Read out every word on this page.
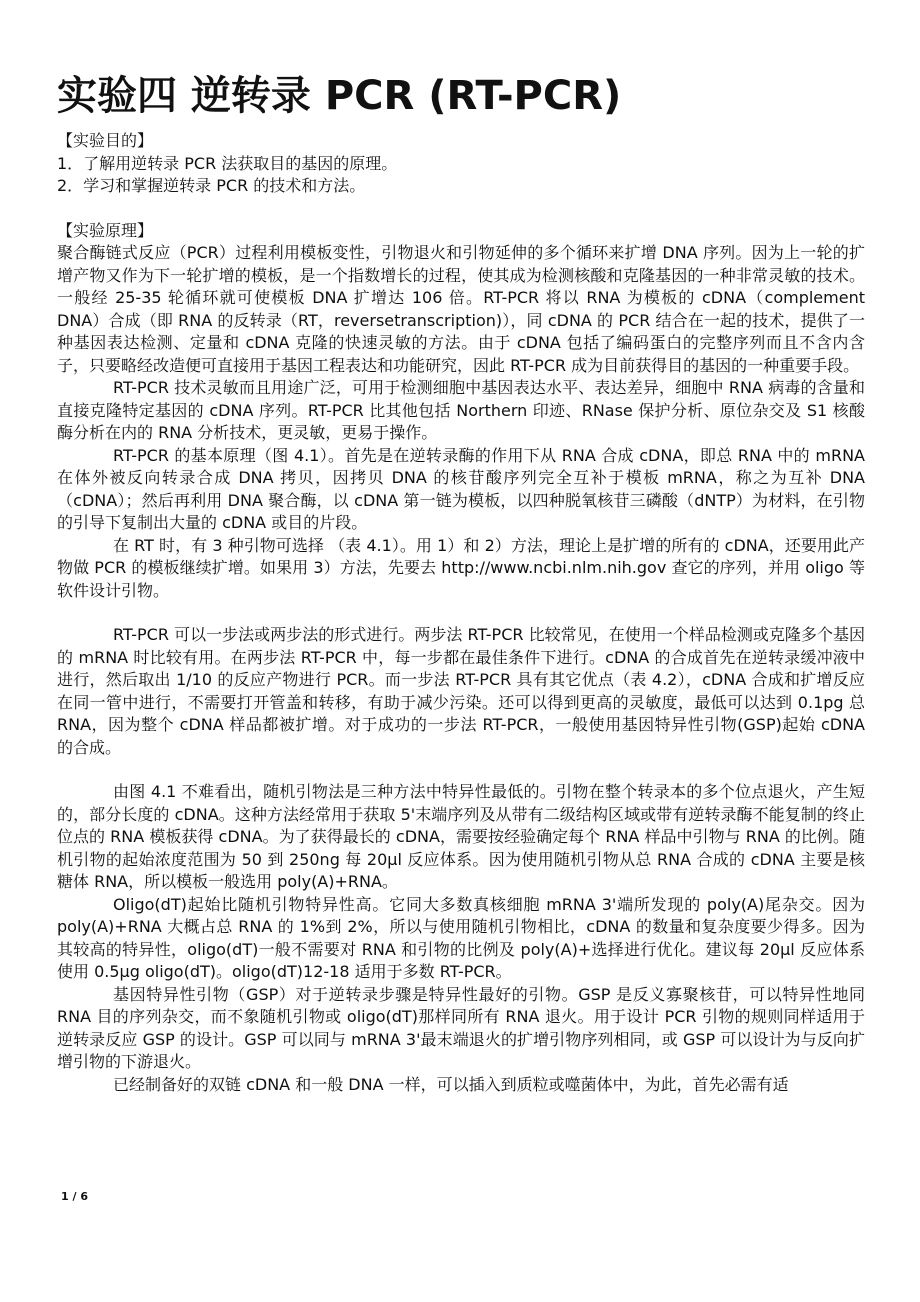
实验四 逆转录 PCR (RT-PCR)

【实验目的】

1．了解用逆转录 PCR 法获取目的基因的原理。

2．学习和掌握逆转录 PCR 的技术和方法。

【实验原理】

聚合酶链式反应（PCR）过程利用模板变性，引物退火和引物延伸的多个循环来扩增 DNA 序列。因为上一轮的扩增产物又作为下一轮扩增的模板，是一个指数增长的过程，使其成为检测核酸和克隆基因的一种非常灵敏的技术。一般经 25-35 轮循环就可使模板 DNA 扩增达 106 倍。RT-PCR 将以 RNA 为模板的 cDNA（complement DNA）合成（即 RNA 的反转录（RT，reversetranscription)），同 cDNA 的 PCR 结合在一起的技术，提供了一种基因表达检测、定量和 cDNA 克隆的快速灵敏的方法。由于 cDNA 包括了编码蛋白的完整序列而且不含内含子，只要略经改造便可直接用于基因工程表达和功能研究，因此 RT-PCR 成为目前获得目的基因的一种重要手段。

RT-PCR 技术灵敏而且用途广泛，可用于检测细胞中基因表达水平、表达差异，细胞中 RNA 病毒的含量和直接克隆特定基因的 cDNA 序列。RT-PCR 比其他包括 Northern 印迹、RNase 保护分析、原位杂交及 S1 核酸酶分析在内的 RNA 分析技术，更灵敏，更易于操作。

RT-PCR 的基本原理（图 4.1）。首先是在逆转录酶的作用下从 RNA 合成 cDNA，即总 RNA 中的 mRNA 在体外被反向转录合成 DNA 拷贝，因拷贝 DNA 的核苷酸序列完全互补于模板 mRNA，称之为互补 DNA（cDNA）；然后再利用 DNA 聚合酶，以 cDNA 第一链为模板，以四种脱氧核苷三磷酸（dNTP）为材料，在引物的引导下复制出大量的 cDNA 或目的片段。

在 RT 时，有 3 种引物可选择 （表 4.1）。用 1）和 2）方法，理论上是扩增的所有的 cDNA，还要用此产物做 PCR 的模板继续扩增。如果用 3）方法，先要去 http://www.ncbi.nlm.nih.gov 查它的序列，并用 oligo 等软件设计引物。

RT-PCR 可以一步法或两步法的形式进行。两步法 RT-PCR 比较常见，在使用一个样品检测或克隆多个基因的 mRNA 时比较有用。在两步法 RT-PCR 中，每一步都在最佳条件下进行。cDNA 的合成首先在逆转录缓冲液中进行，然后取出 1/10 的反应产物进行 PCR。而一步法 RT-PCR 具有其它优点（表 4.2），cDNA 合成和扩增反应在同一管中进行，不需要打开管盖和转移，有助于减少污染。还可以得到更高的灵敏度，最低可以达到 0.1pg 总 RNA，因为整个 cDNA 样品都被扩增。对于成功的一步法 RT-PCR，一般使用基因特异性引物(GSP)起始 cDNA 的合成。

由图 4.1 不难看出，随机引物法是三种方法中特异性最低的。引物在整个转录本的多个位点退火，产生短的，部分长度的 cDNA。这种方法经常用于获取 5'末端序列及从带有二级结构区域或带有逆转录酶不能复制的终止位点的 RNA 模板获得 cDNA。为了获得最长的 cDNA，需要按经验确定每个 RNA 样品中引物与 RNA 的比例。随机引物的起始浓度范围为 50 到 250ng 每 20μl 反应体系。因为使用随机引物从总 RNA 合成的 cDNA 主要是核糖体 RNA，所以模板一般选用 poly(A)+RNA。

Oligo(dT)起始比随机引物特异性高。它同大多数真核细胞 mRNA 3'端所发现的 poly(A)尾杂交。因为 poly(A)+RNA 大概占总 RNA 的 1%到 2%，所以与使用随机引物相比，cDNA 的数量和复杂度要少得多。因为其较高的特异性，oligo(dT)一般不需要对 RNA 和引物的比例及 poly(A)+选择进行优化。建议每 20μl 反应体系使用 0.5μg oligo(dT)。oligo(dT)12-18 适用于多数 RT-PCR。

基因特异性引物（GSP）对于逆转录步骤是特异性最好的引物。GSP 是反义寡聚核苷，可以特异性地同 RNA 目的序列杂交，而不象随机引物或 oligo(dT)那样同所有 RNA 退火。用于设计 PCR 引物的规则同样适用于逆转录反应 GSP 的设计。GSP 可以同与 mRNA 3'最末端退火的扩增引物序列相同，或 GSP 可以设计为与反向扩增引物的下游退火。

已经制备好的双链 cDNA 和一般 DNA 一样，可以插入到质粒或噬菌体中，为此，首先必需有适

1 / 6
